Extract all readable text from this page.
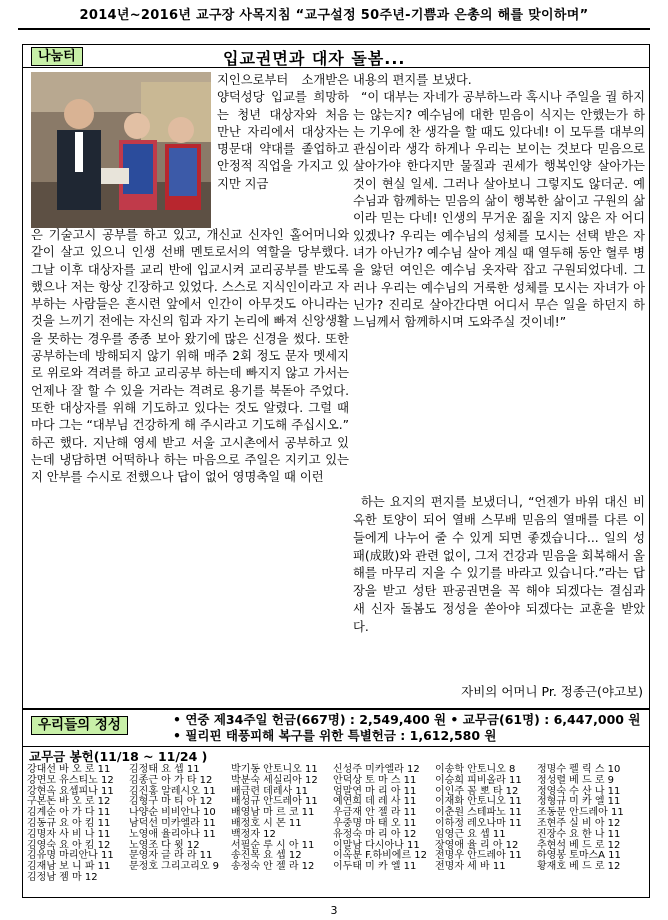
2014년~2016년 교구장 사목지침 “교구설정 50주년-기쁨과 은총의 해를 맞이하며”
나눔터	입교권면과 대자 돌봄...

지인으로부터 소개받은 양덕성당 입교를 희망하는 청년 대상자와 처음 만난 자리에서 대상자는 명문대 약대를 졸업하고 안정적 직업을 가지고 있지만 지금

은 기술고시 공부를 하고 있고, 개신교 신자인 홀어머니와 같이 살고 있으니 인생 선배 멘토로서의 역할을 당부했다. 그날 이후 대상자를 교리 반에 입교시켜 교리공부를 받도록 했으나 저는 항상 긴장하고 있었다. 스스로 지식인이라고 자부하는 사람들은 흔시련 앞에서 인간이 아무것도 아니라는 것을 느끼기 전에는 자신의 힘과 자기 논리에 빠져 신앙생활을 못하는 경우를 종종 보아 왔기에 많은 신경을 썼다. 또한 공부하는데 방해되지 않기 위해 매주 2회 정도 문자 멧세지로 위로와 격려를 하고 교리공부 하는데 빠지지 않고 가서는 언제나 잘 할 수 있을 거라는 격려로 용기를 북돋아 주었다. 또한 대상자를 위해 기도하고 있다는 것도 알렸다. 그럴 때마다 그는 “대부님 건강하게 해 주시라고 기도해 주십시오.” 하곤 했다. 지난해 영세 받고 서울 고시촌에서 공부하고 있는데 냉담하면 어떡하나 하는 마음으로 주일은 지키고 있는지 안부를 수시로 전했으나 답이 없어 영명축일 때 이런

내용의 편지를 보냈다.

“이 대부는 자네가 공부하느라 혹시나 주일을 궐 하지는 않는지? 예수님에 대한 믿음이 식지는 안했는가 하는 기우에 찬 생각을 할 때도 있다네! 이 모두를 대부의 관심이라 생각 하게나 우리는 보이는 것보다 믿음으로 살아가야 한다지만 물질과 권세가 행복인양 살아가는 것이 현실 일세. 그러나 살아보니 그렇지도 않더군. 예수님과 함께하는 믿음의 삶이 행복한 삶이고 구원의 삶이라 믿는 다네! 인생의 무거운 짊을 지지 않은 자 어디 있겠나? 우리는 예수님의 성체를 모시는 선택 받은 자녀가 아닌가? 예수님 살아 계실 때 열두해 동안 혈루 병을 앓던 여인은 예수님 옷자락 잡고 구원되었다네. 그러나 우리는 예수님의 거룩한 성체를 모시는 자녀가 아닌가? 진리로 살아간다면 어디서 무슨 일을 하던지 하느님께서 함께하시며 도와주실 것이네!”

하는 요지의 편지를 보냈더니, “언젠가 바위 대신 비옥한 토양이 되어 열배 스무배 믿음의 열매를 다른 이들에게 나누어 줄 수 있게 되면 좋겠습니다... 일의 성패(成敗)와 관련 없이, 그저 건강과 믿음을 회복해서 올해를 마무리 지을 수 있기를 바라고 있습니다.”라는 답장을 받고 성탄 판공권면을 꼭 해야 되겠다는 결심과 새 신자 돌봄도 정성을 쏟아야 되겠다는 교훈을 받았다.

자비의 어머니 Pr. 정종근(야고보)
우리들의 정성	• 연중 제34주일 헌금(667명) : 2,549,400 원 • 교무금(61명) : 6,447,000 원
• 필리핀 태풍피해 복구를 위한 특별헌금 : 1,612,580 원
교무금 봉헌(11/18 ~ 11/24 )
강대선 바 오 로 11
강면모 유스티노 12
강현옥 요셉피나 11
구본돈 바 오 로 12
김계순 아 가 다 11
김동규 요 아 킴 11
김명자 사 비 나 11
김영숙 요 아 킴 12
김유명 마리안나 11
김재남 보 니 파 11
김정남 젬 마 12
김정태 요 셉 11
김종근 아 가 타 12
김진홍 알레시오 11
김형구 마 티 아 12
나양순 비비안나 10
남덕선 미카엘라 11
노영애 율리아나 11
노영조 다 윗 12
문영자 글 라 라 11
문정호 그리고리오 9
박기동 안토니오 11
박분숙 세실리아 12
배금련 데레사 11
배성규 안드레아 11
배영남 마 르 코 11
배정호 시 몬 11
백정자 12
서필순 루 시 아 11
송진목 요 셉 12
송정숙 안 젤 라 12
신성주 미카엘라 12
안덕상 토 마 스 11
엄말연 마 리 아 11
예연희 데 레 사 11
우금재 안 젤 라 11
우중명 마 태 오 11
유정숙 마 리 아 12
이말남 다시아나 11
이옥분 F.하비에르 12
이두태 미 카 엘 11
이송학 안토니오 8
이승희 피비올라 11
이인주 꼼 뽀 타 12
이재화 안토니오 11
이춘원 스테파노 11
이하정 레오나마 11
임영근 요 셉 11
장영애 율 리 아 12
전명우 안드레아 11
전명자 세 바 11
정명수 펠 릭 스 10
정성렬 베 드 로 9
정영숙 수 산 나 11
정형규 미 카 엘 11
조동문 안드레아 11
조현주 실 비 아 12
진장수 요 한 나 11
추현석 베 드 로 12
하영봉 토마스A 11
황재호 베 드 로 12
3
